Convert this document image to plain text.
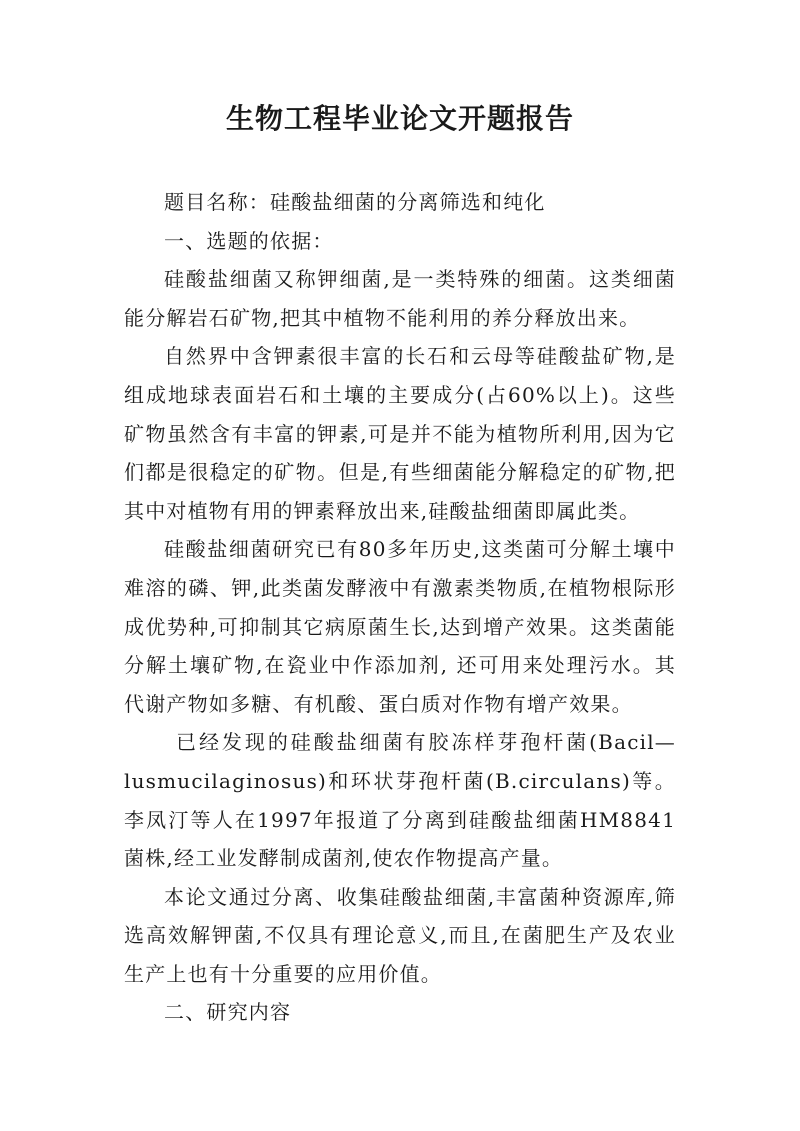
生物工程毕业论文开题报告

题目名称：硅酸盐细菌的分离筛选和纯化

一、选题的依据：

硅酸盐细菌又称钾细菌,是一类特殊的细菌。这类细菌能分解岩石矿物,把其中植物不能利用的养分释放出来。

自然界中含钾素很丰富的长石和云母等硅酸盐矿物,是组成地球表面岩石和土壤的主要成分(占60%以上)。这些矿物虽然含有丰富的钾素,可是并不能为植物所利用,因为它们都是很稳定的矿物。但是,有些细菌能分解稳定的矿物,把其中对植物有用的钾素释放出来,硅酸盐细菌即属此类。

硅酸盐细菌研究已有80多年历史,这类菌可分解土壤中难溶的磷、钾,此类菌发酵液中有激素类物质,在植物根际形成优势种,可抑制其它病原菌生长,达到增产效果。这类菌能分解土壤矿物,在瓷业中作添加剂, 还可用来处理污水。其代谢产物如多糖、有机酸、蛋白质对作物有增产效果。

已经发现的硅酸盐细菌有胶冻样芽孢杆菌(Bacil—lusmucilaginosus)和环状芽孢杆菌(B.circulans)等。李凤汀等人在1997年报道了分离到硅酸盐细菌HM8841菌株,经工业发酵制成菌剂,使农作物提高产量。

本论文通过分离、收集硅酸盐细菌,丰富菌种资源库,筛选高效解钾菌,不仅具有理论意义,而且,在菌肥生产及农业生产上也有十分重要的应用价值。

二、研究内容
